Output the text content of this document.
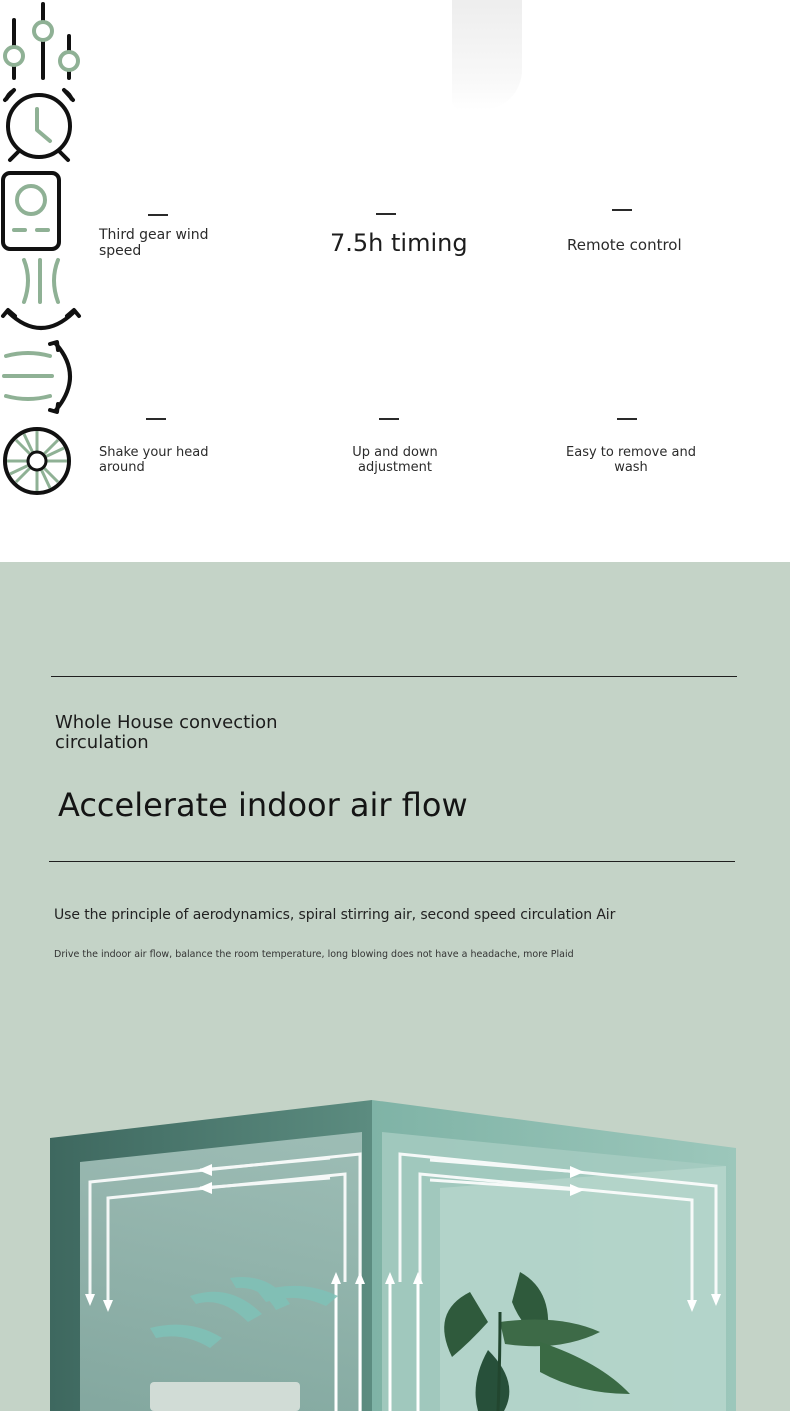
Third gear wind speed	7.5h timing	Remote control
Shake your head around
Up and down adjustment
Easy to remove and wash
Whole House convection circulation
Accelerate indoor air flow
Use the principle of aerodynamics, spiral stirring air, second speed circulation Air
Drive the indoor air flow, balance the room temperature, long blowing does not have a headache, more Plaid
